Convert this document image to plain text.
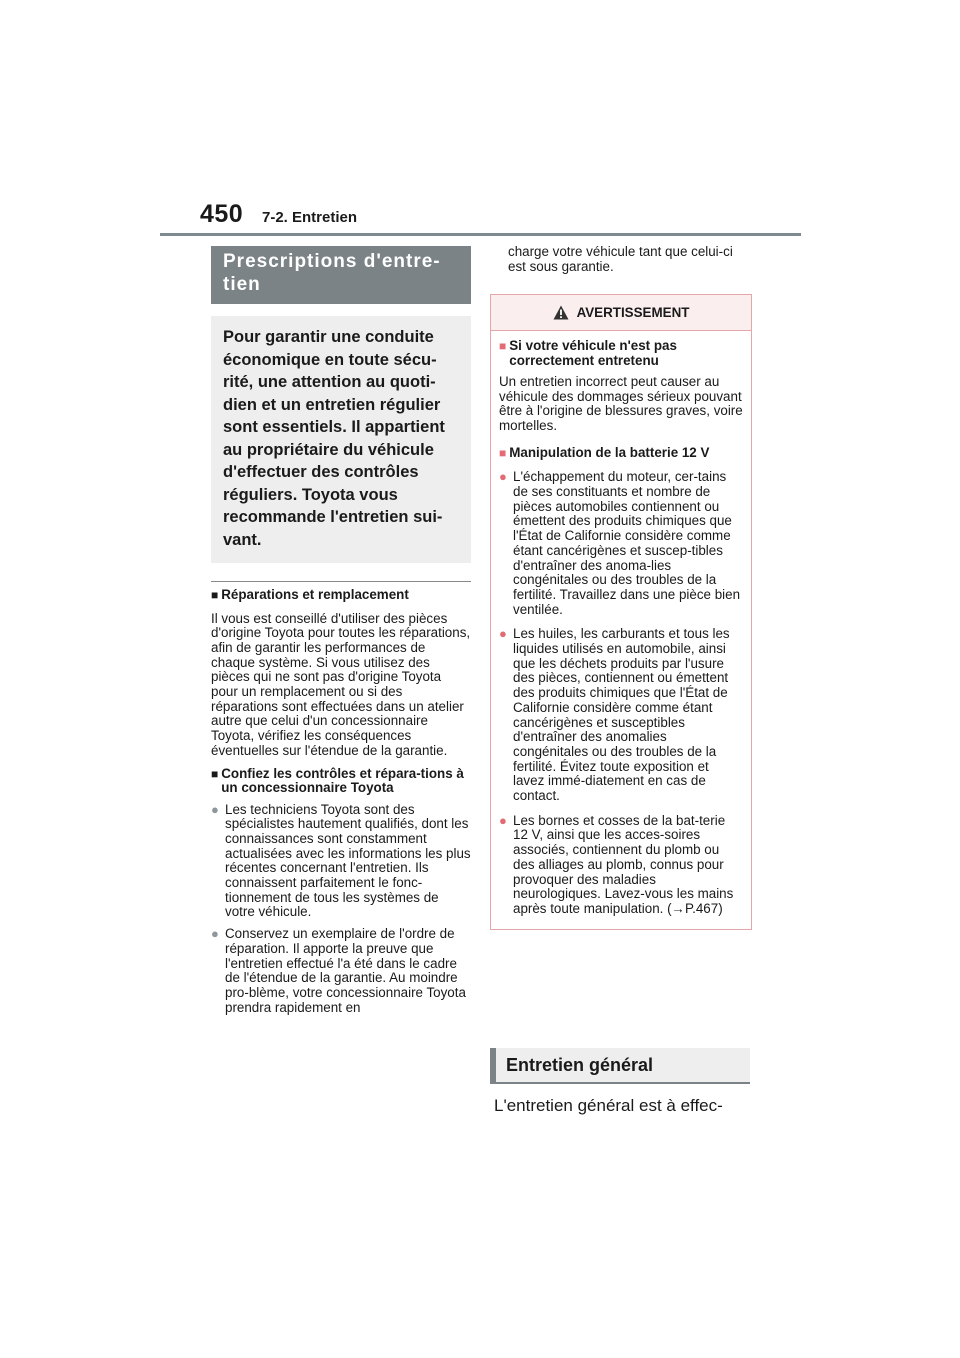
450 7-2. Entretien
Prescriptions d'entre-tien
Pour garantir une conduite économique en toute sécu-rité, une attention au quoti-dien et un entretien régulier sont essentiels. Il appartient au propriétaire du véhicule d'effectuer des contrôles réguliers. Toyota vous recommande l'entretien sui-vant.
■ Réparations et remplacement
Il vous est conseillé d'utiliser des pièces d'origine Toyota pour toutes les réparations, afin de garantir les performances de chaque système. Si vous utilisez des pièces qui ne sont pas d'origine Toyota pour un remplacement ou si des réparations sont effectuées dans un atelier autre que celui d'un concessionnaire Toyota, vérifiez les conséquences éventuelles sur l'étendue de la garantie.
■ Confiez les contrôles et répara-tions à un concessionnaire Toyota
● Les techniciens Toyota sont des spécialistes hautement qualifiés, dont les connaissances sont constamment actualisées avec les informations les plus récentes concernant l'entretien. Ils connaissent parfaitement le fonc-tionnement de tous les systèmes de votre véhicule.
● Conservez un exemplaire de l'ordre de réparation. Il apporte la preuve que l'entretien effectué l'a été dans le cadre de l'étendue de la garantie. Au moindre pro-blème, votre concessionnaire Toyota prendra rapidement en
charge votre véhicule tant que celui-ci est sous garantie.
AVERTISSEMENT
■ Si votre véhicule n'est pas correctement entretenu
Un entretien incorrect peut causer au véhicule des dommages sérieux pouvant être à l'origine de blessures graves, voire mortelles.
■ Manipulation de la batterie 12 V
● L'échappement du moteur, cer-tains de ses constituants et nombre de pièces automobiles contiennent ou émettent des produits chimiques que l'État de Californie considère comme étant cancérigènes et suscep-tibles d'entraîner des anoma-lies congénitales ou des troubles de la fertilité. Travaillez dans une pièce bien ventilée.
● Les huiles, les carburants et tous les liquides utilisés en automobile, ainsi que les déchets produits par l'usure des pièces, contiennent ou émettent des produits chimiques que l'État de Californie considère comme étant cancérigènes et susceptibles d'entraîner des anomalies congénitales ou des troubles de la fertilité. Évitez toute exposition et lavez immé-diatement en cas de contact.
● Les bornes et cosses de la bat-terie 12 V, ainsi que les acces-soires associés, contiennent du plomb ou des alliages au plomb, connus pour provoquer des maladies neurologiques. Lavez-vous les mains après toute manipulation. (→P.467)
Entretien général
L'entretien général est à effec-
